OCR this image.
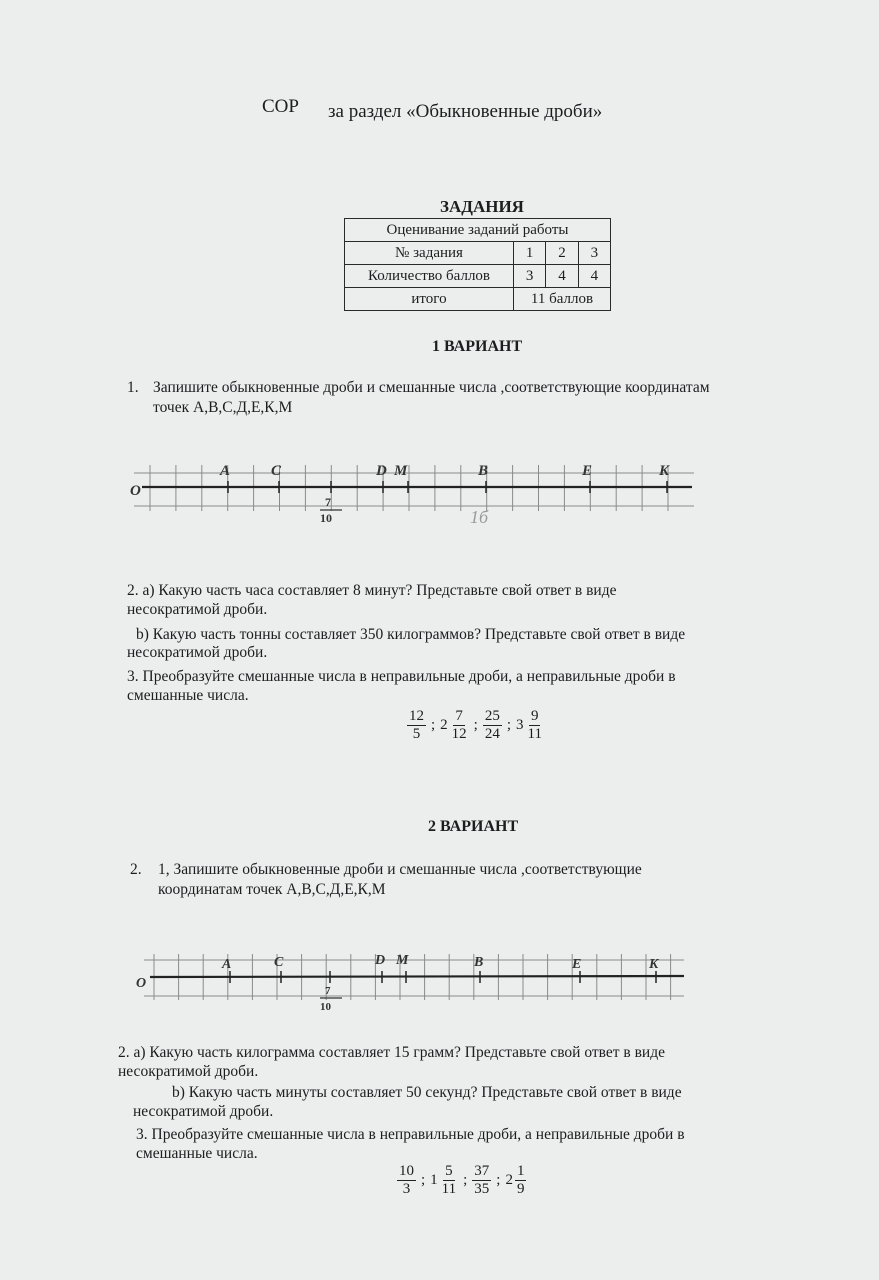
СОР за раздел «Обыкновенные дроби»
ЗАДАНИЯ
Оценивание заданий работы			
№ задания	1	2	3
Количество баллов	3	4	4
итого	11 баллов		
1 ВАРИАНТ
1. Запишите обыкновенные дроби и смешанные числа ,соответствующие координатам
точек А,В,С,Д,Е,К,М
O
A	C	D M	B	E	K
7
10	1б
2. а) Какую часть часа составляет 8 минут? Представьте свой ответ в виде
несократимой дроби.
b) Какую часть тонны составляет 350 килограммов? Представьте свой ответ в виде
несократимой дроби.
3. Преобразуйте смешанные числа в неправильные дроби, а неправильные дроби в
смешанные числа.
$\frac{12}{5}$ ; $2 \frac{7}{12}$ ; $\frac{25}{24}$ ; $3 \frac{9}{11}$
2 ВАРИАНТ
2. 1, Запишите обыкновенные дроби и смешанные числа ,соответствующие
координатам точек А,В,С,Д,Е,К,М
O
A	C	D M	B	E	K
7
10
2. а) Какую часть килограмма составляет 15 грамм? Представьте свой ответ в виде
несократимой дроби.
b) Какую часть минуты составляет 50 секунд? Представьте свой ответ в виде
несократимой дроби.
3. Преобразуйте смешанные числа в неправильные дроби, а неправильные дроби в
смешанные числа.
$\frac{10}{3}$ ; $1 \frac{5}{11}$ ; $\frac{37}{35}$ ; $2 \frac{1}{9}$
